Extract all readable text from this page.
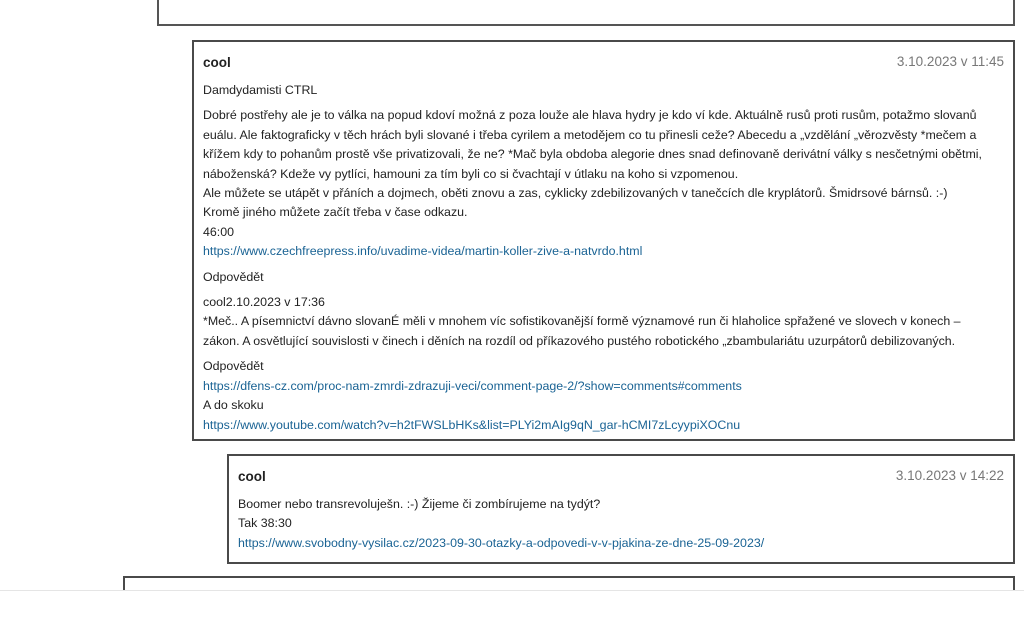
cool	3.10.2023 v 11:45

Damdydamisti CTRL

Dobré postřehy ale je to válka na popud kdoví možná z poza louže ale hlava hydry je kdo ví kde. Aktuálně rusů proti rusům, potažmo slovanů

euálu. Ale faktograficky v těch hrách byli slované i třeba cyrilem a metodějem co tu přinesli ceže? Abecedu a „vzdělání „věrozvěsty *mečem a

křížem kdy to pohanům prostě vše privatizovali, že ne? *Mač byla obdoba alegorie dnes snad definovaně derivátní války s nesčetnými obětmi,

náboženská? Kdeže vy pytlíci, hamouni za tím byli co si čvachtají v útlaku na koho si vzpomenou.

Ale můžete se utápět v přáních a dojmech, oběti znovu a zas, cyklicky zdebilizovaných v tanečcích dle kryplátorů. Šmidrsové bárnsů. :-)

Kromě jiného můžete začít třeba v čase odkazu.

46:00

https://www.czechfreepress.info/uvadime-videa/martin-koller-zive-a-natvrdo.html

Odpovědět

cool2.10.2023 v 17:36

*Meč.. A písemnictví dávno slovanÉ měli v mnohem víc sofistikovanější formě významové run či hlaholice spřažené ve slovech v konech –

zákon. A osvětlující souvislosti v činech i děních na rozdíl od příkazového pustého robotického „zbambulariátu uzurpátorů debilizovaných.

Odpovědět

https://dfens-cz.com/proc-nam-zmrdi-zdrazuji-veci/comment-page-2/?show=comments#comments

A do skoku

https://www.youtube.com/watch?v=h2tFWSLbHKs&list=PLYi2mAIg9qN_gar-hCMI7zLcyypiXOCnu

cool	3.10.2023 v 14:22

Boomer nebo transrevoluješn. :-) Žijeme či zombírujeme na tydýt?

Tak 38:30

https://www.svobodny-vysilac.cz/2023-09-30-otazky-a-odpovedi-v-v-pjakina-ze-dne-25-09-2023/
